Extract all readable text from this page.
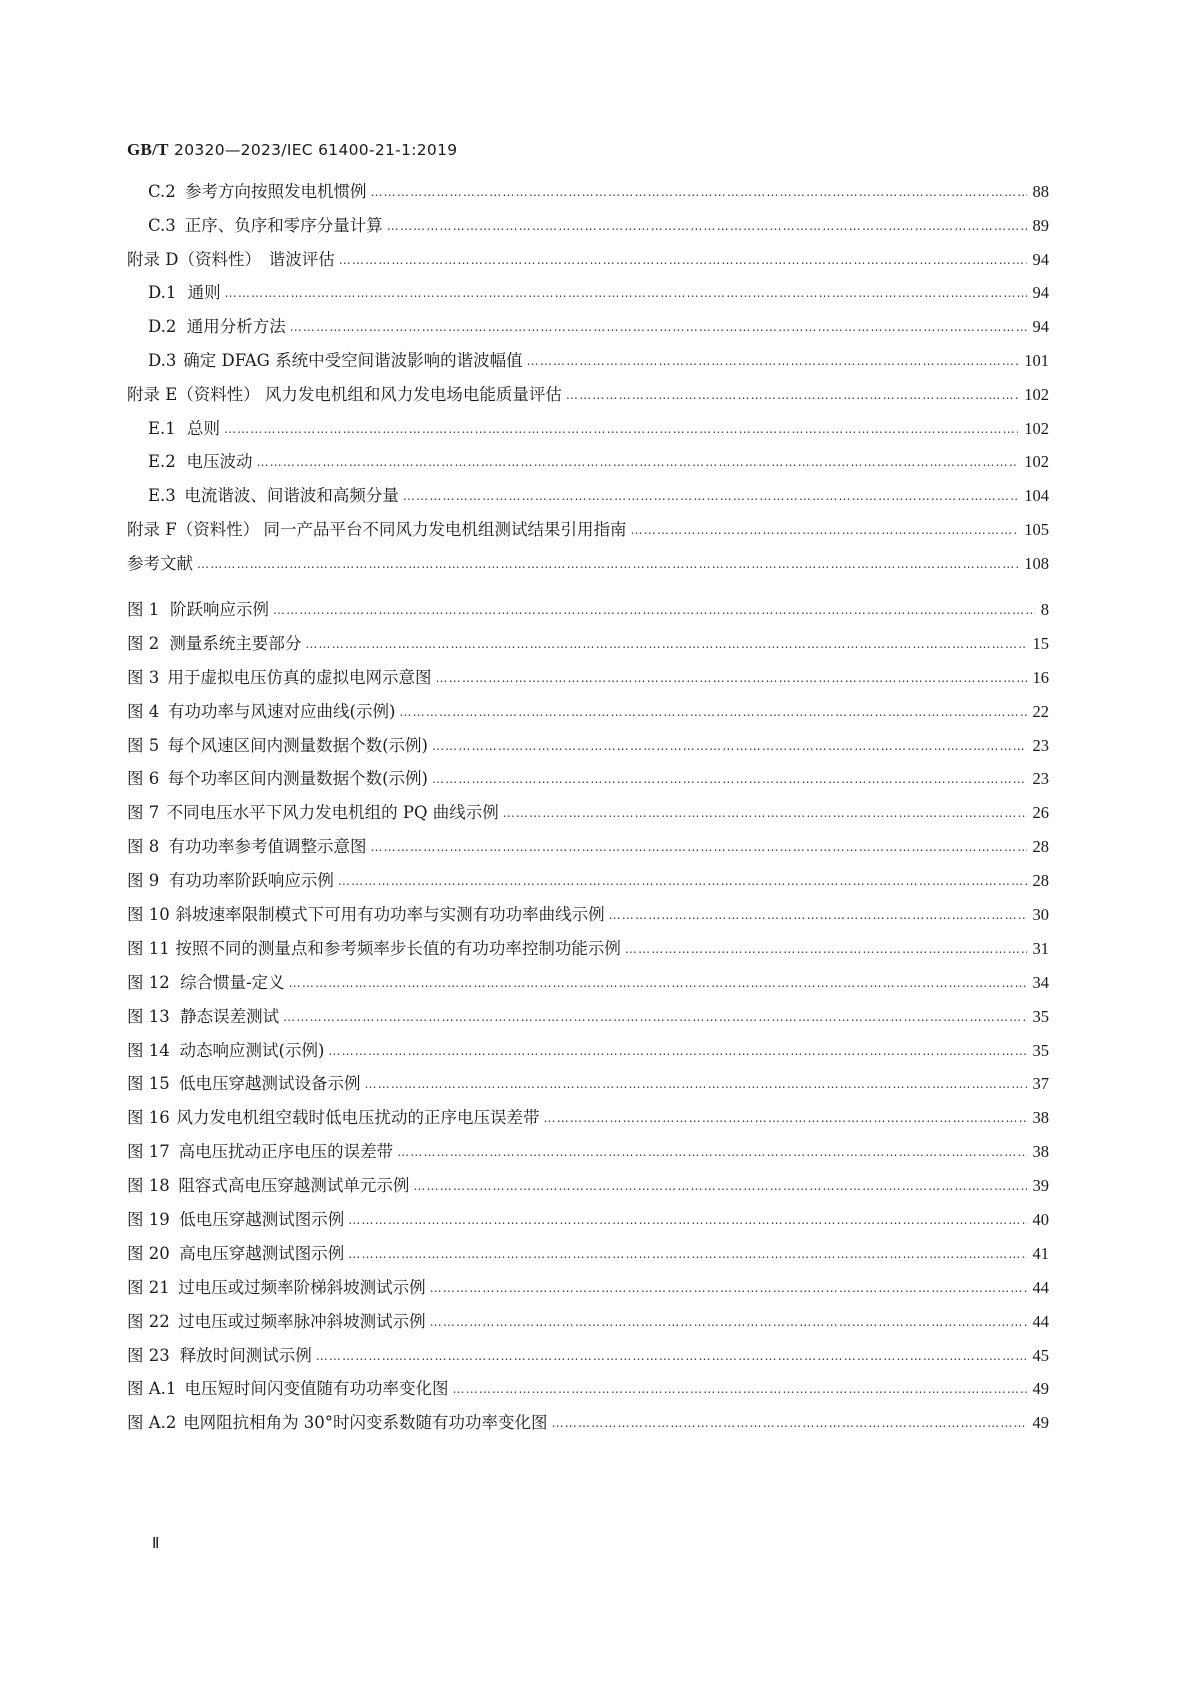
GB/T 20320—2023/IEC 61400-21-1:2019
C.2 参考方向按照发电机惯例 ………………………………………………………………………………………………………………………………………………………………………………………………………………………………………………………………………………………………	88
C.3 正序、负序和零序分量计算 ………………………………………………………………………………………………………………………………………………………………………………………………………………………………………………………………………………………………	89
附录 D（资料性） 谐波评估 ………………………………………………………………………………………………………………………………………………………………………………………………………………………………………………………………………………………………	94
D.1 通则 ………………………………………………………………………………………………………………………………………………………………………………………………………………………………………………………………………………………………	94
D.2 通用分析方法 ………………………………………………………………………………………………………………………………………………………………………………………………………………………………………………………………………………………………	94
D.3 确定 DFAG 系统中受空间谐波影响的谐波幅值 ………………………………………………………………………………………………………………………………………………………………………………………………………………………………………………………………………………………………	101
附录 E（资料性） 风力发电机组和风力发电场电能质量评估 ………………………………………………………………………………………………………………………………………………………………………………………………………………………………………………………………………………………………	102
E.1 总则 ………………………………………………………………………………………………………………………………………………………………………………………………………………………………………………………………………………………………	102
E.2 电压波动 ………………………………………………………………………………………………………………………………………………………………………………………………………………………………………………………………………………………………	102
E.3 电流谐波、间谐波和高频分量 ………………………………………………………………………………………………………………………………………………………………………………………………………………………………………………………………………………………………	104
附录 F（资料性） 同一产品平台不同风力发电机组测试结果引用指南 ………………………………………………………………………………………………………………………………………………………………………………………………………………………………………………………………………………………………	105
参考文献 ………………………………………………………………………………………………………………………………………………………………………………………………………………………………………………………………………………………………	108
图 1 阶跃响应示例 ………………………………………………………………………………………………………………………………………………………………………………………………………………………………………………………………………………………………	8
图 2 测量系统主要部分 ………………………………………………………………………………………………………………………………………………………………………………………………………………………………………………………………………………………………	15
图 3 用于虚拟电压仿真的虚拟电网示意图 ………………………………………………………………………………………………………………………………………………………………………………………………………………………………………………………………………………………………	16
图 4 有功功率与风速对应曲线(示例) ………………………………………………………………………………………………………………………………………………………………………………………………………………………………………………………………………………………………	22
图 5 每个风速区间内测量数据个数(示例) ………………………………………………………………………………………………………………………………………………………………………………………………………………………………………………………………………………………………	23
图 6 每个功率区间内测量数据个数(示例) ………………………………………………………………………………………………………………………………………………………………………………………………………………………………………………………………………………………………	23
图 7 不同电压水平下风力发电机组的 PQ 曲线示例 ………………………………………………………………………………………………………………………………………………………………………………………………………………………………………………………………………………………………	26
图 8 有功功率参考值调整示意图 ………………………………………………………………………………………………………………………………………………………………………………………………………………………………………………………………………………………………	28
图 9 有功功率阶跃响应示例 ………………………………………………………………………………………………………………………………………………………………………………………………………………………………………………………………………………………………	28
图 10 斜坡速率限制模式下可用有功功率与实测有功功率曲线示例 ………………………………………………………………………………………………………………………………………………………………………………………………………………………………………………………………………………………………	30
图 11 按照不同的测量点和参考频率步长值的有功功率控制功能示例 ………………………………………………………………………………………………………………………………………………………………………………………………………………………………………………………………………………………………	31
图 12 综合惯量-定义 ………………………………………………………………………………………………………………………………………………………………………………………………………………………………………………………………………………………………	34
图 13 静态误差测试 ………………………………………………………………………………………………………………………………………………………………………………………………………………………………………………………………………………………………	35
图 14 动态响应测试(示例) ………………………………………………………………………………………………………………………………………………………………………………………………………………………………………………………………………………………………	35
图 15 低电压穿越测试设备示例 ………………………………………………………………………………………………………………………………………………………………………………………………………………………………………………………………………………………………	37
图 16 风力发电机组空载时低电压扰动的正序电压误差带 ………………………………………………………………………………………………………………………………………………………………………………………………………………………………………………………………………………………………	38
图 17 高电压扰动正序电压的误差带 ………………………………………………………………………………………………………………………………………………………………………………………………………………………………………………………………………………………………	38
图 18 阻容式高电压穿越测试单元示例 ………………………………………………………………………………………………………………………………………………………………………………………………………………………………………………………………………………………………	39
图 19 低电压穿越测试图示例 ………………………………………………………………………………………………………………………………………………………………………………………………………………………………………………………………………………………………	40
图 20 高电压穿越测试图示例 ………………………………………………………………………………………………………………………………………………………………………………………………………………………………………………………………………………………………	41
图 21 过电压或过频率阶梯斜坡测试示例 ………………………………………………………………………………………………………………………………………………………………………………………………………………………………………………………………………………………………	44
图 22 过电压或过频率脉冲斜坡测试示例 ………………………………………………………………………………………………………………………………………………………………………………………………………………………………………………………………………………………………	44
图 23 释放时间测试示例 ………………………………………………………………………………………………………………………………………………………………………………………………………………………………………………………………………………………………	45
图 A.1 电压短时间闪变值随有功功率变化图 ………………………………………………………………………………………………………………………………………………………………………………………………………………………………………………………………………………………………	49
图 A.2 电网阻抗相角为 30°时闪变系数随有功功率变化图 ………………………………………………………………………………………………………………………………………………………………………………………………………………………………………………………………………………………………	49
Ⅱ
